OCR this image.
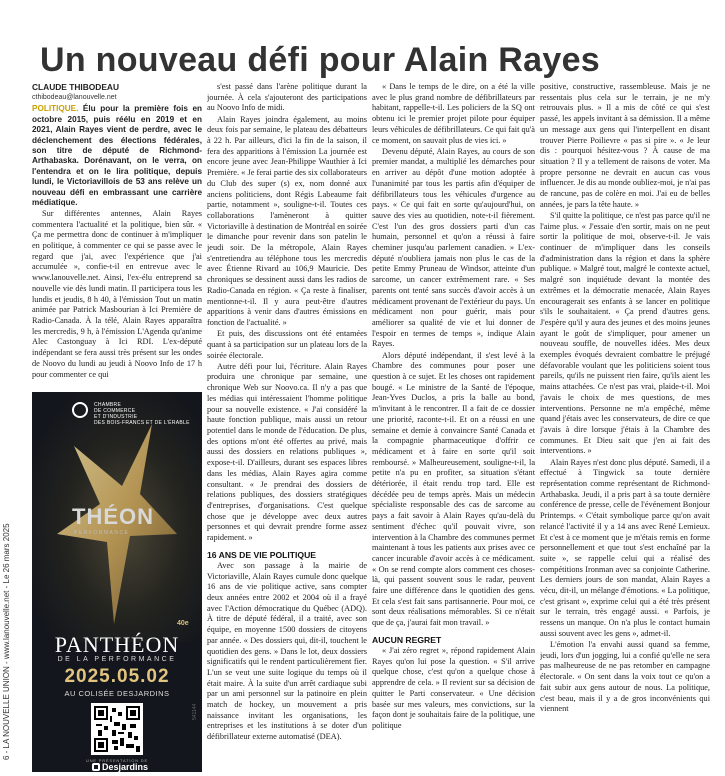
6 - LA NOUVELLE UNION - www.lanouvelle.net - Le 26 mars 2025
Un nouveau défi pour Alain Rayes

CLAUDE THIBODEAU

cthibodeau@lanouvelle.net

POLITIQUE. Élu pour la première fois en octobre 2015, puis réélu en 2019 et en 2021, Alain Rayes vient de perdre, avec le déclenchement des élections fédérales, son titre de député de Richmond-Arthabaska. Dorénavant, on le verra, on l'entendra et on le lira politique, depuis lundi, le Victoriavillois de 53 ans relève un nouveau défi en embrassant une carrière médiatique.

Sur différentes antennes, Alain Rayes commentera l'actualité et la politique, bien sûr. « Ça me permettra donc de continuer à m'impliquer en politique, à commenter ce qui se passe avec le regard que j'ai, avec l'expérience que j'ai accumulée », confie-t-il en entrevue avec le www.lanouvelle.net. Ainsi, l'ex-élu entreprend sa nouvelle vie dès lundi matin. Il participera tous les lundis et jeudis, 8 h 40, à l'émission Tout un matin animée par Patrick Masbourian à Ici Première de Radio-Canada. À la télé, Alain Rayes apparaîtra les mercredis, 9 h, à l'émission L'Agenda qu'anime Alec Castonguay à Ici RDI. L'ex-député indépendant se fera aussi très présent sur les ondes de Noovo du lundi au jeudi à Noovo Info de 17 h pour commenter ce qui

CHAMBRE
DE COMMERCE
ET D'INDUSTRIE
DES BOIS-FRANCS ET DE L'ÉRABLE
THÉON
PERFORMANCE
40e
PANTHÉON
DE LA PERFORMANCE
2025.05.02
AU COLISÉE DESJARDINS
UNE PRÉSENTATION DE
Desjardins
541144

s'est passé dans l'arène politique durant la journée. À cela s'ajouteront des participations au Noovo Info de midi.

Alain Rayes joindra également, au moins deux fois par semaine, le plateau des débatteurs à 22 h. Par ailleurs, d'ici la fin de la saison, il fera des apparitions à l'émission La journée est encore jeune avec Jean-Philippe Wauthier à Ici Première. « Je ferai partie des six collaborateurs du Club des super (s) ex, nom donné aux anciens politiciens, dont Régis Labeaume fait partie, notamment », souligne-t-il. Toutes ces collaborations l'amèneront à quitter Victoriaville à destination de Montréal en soirée le dimanche pour revenir dans son patelin le jeudi soir. De la métropole, Alain Rayes s'entretiendra au téléphone tous les mercredis avec Étienne Rivard au 106,9 Mauricie. Des chroniques se dessinent aussi dans les radios de Radio-Canada en région. « Ça reste à finaliser, mentionne-t-il. Il y aura peut-être d'autres apparitions à venir dans d'autres émissions en fonction de l'actualité. »

Et puis, des discussions ont été entamées quant à sa participation sur un plateau lors de la soirée électorale.

Autre défi pour lui, l'écriture. Alain Rayes produira une chronique par semaine, une chronique Web sur Noovo.ca. Il n'y a pas que les médias qui intéressaient l'homme politique pour sa nouvelle existence. « J'ai considéré la haute fonction publique, mais aussi un retour potentiel dans le monde de l'éducation. De plus, des options m'ont été offertes au privé, mais aussi des dossiers en relations publiques », expose-t-il. D'ailleurs, durant ses espaces libres dans les médias, Alain Rayes agira comme consultant. « Je prendrai des dossiers de relations publiques, des dossiers stratégiques d'entreprises, d'organisations. C'est quelque chose que je développe avec deux autres personnes et qui devrait prendre forme assez rapidement. »

16 ANS DE VIE POLITIQUE

Avec son passage à la mairie de Victoriaville, Alain Rayes cumule donc quelque 16 ans de vie politique active, sans compter deux années entre 2002 et 2004 où il a frayé avec l'Action démocratique du Québec (ADQ). À titre de député fédéral, il a traité, avec son équipe, en moyenne 1500 dossiers de citoyens par année. « Des dossiers qui, dit-il, touchent le quotidien des gens. » Dans le lot, deux dossiers significatifs qui le rendent particulièrement fier. L'un se veut une suite logique du temps où il était maire. À la suite d'un arrêt cardiaque subi par un ami personnel sur la patinoire en plein match de hockey, un mouvement a pris naissance invitant les organisations, les entreprises et les institutions à se doter d'un défibrillateur externe automatisé (DEA).

« Dans le temps de le dire, on a été la ville avec le plus grand nombre de défibrillateurs par habitant, rappelle-t-il. Les policiers de la SQ ont obtenu ici le premier projet pilote pour équiper leurs véhicules de défibrillateurs. Ce qui fait qu'à ce moment, on sauvait plus de vies ici. »

Devenu député, Alain Rayes, au cours de son premier mandat, a multiplié les démarches pour en arriver au dépôt d'une motion adoptée à l'unanimité par tous les partis afin d'équiper de défibrillateurs tous les véhicules d'urgence au pays. « Ce qui fait en sorte qu'aujourd'hui, on sauve des vies au quotidien, note-t-il fièrement. C'est l'un des gros dossiers parti d'un cas humain, personnel et qu'on a réussi à faire cheminer jusqu'au parlement canadien. » L'ex-député n'oubliera jamais non plus le cas de la petite Emmy Pruneau de Windsor, atteinte d'un sarcome, un cancer extrêmement rare. « Ses parents ont tenté sans succès d'avoir accès à un médicament provenant de l'extérieur du pays. Un médicament non pour guérir, mais pour améliorer sa qualité de vie et lui donner de l'espoir en termes de temps », indique Alain Rayes.

Alors député indépendant, il s'est levé à la Chambre des communes pour poser une question à ce sujet. Et les choses ont rapidement bougé. « Le ministre de la Santé de l'époque, Jean-Yves Duclos, a pris la balle au bond, m'invitant à le rencontrer. Il a fait de ce dossier une priorité, raconte-t-il. Et on a réussi en une semaine et demie à convaincre Santé Canada et la compagnie pharmaceutique d'offrir ce médicament et à faire en sorte qu'il soit remboursé. » Malheureusement, souligne-t-il, la petite n'a pu en profiter, sa situation s'étant détériorée, il était rendu trop tard. Elle est décédée peu de temps après. Mais un médecin spécialiste responsable des cas de sarcome au pays a fait savoir à Alain Rayes qu'au-delà du sentiment d'échec qu'il pouvait vivre, son intervention à la Chambre des communes permet maintenant à tous les patients aux prises avec ce cancer incurable d'avoir accès à ce médicament. « On se rend compte alors comment ces choses-là, qui passent souvent sous le radar, peuvent faire une différence dans le quotidien des gens. Et cela s'est fait sans partisannerie. Pour moi, ce sont deux réalisations mémorables. Si ce n'était que de ça, j'aurai fait mon travail. »

AUCUN REGRET

« J'ai zéro regret », répond rapidement Alain Rayes qu'on lui pose la question. « S'il arrive quelque chose, c'est qu'on a quelque chose à apprendre de cela. » Il revient sur sa décision de quitter le Parti conservateur. « Une décision basée sur mes valeurs, mes convictions, sur la façon dont je souhaitais faire de la politique, une politique

positive, constructive, rassembleuse. Mais je ne ressentais plus cela sur le terrain, je ne m'y retrouvais plus. » Il a mis de côté ce qui s'est passé, les appels invitant à sa démission. Il a même un message aux gens qui l'interpellent en disant trouver Pierre Poilievre « pas si pire ». « Je leur dis : pourquoi hésitez-vous ? À cause de ma situation ? Il y a tellement de raisons de voter. Ma propre personne ne devrait en aucun cas vous influencer. Je dis au monde oubliez-moi, je n'ai pas de rancune, pas de colère en moi. J'ai eu de belles années, je pars la tête haute. »

S'il quitte la politique, ce n'est pas parce qu'il ne l'aime plus. « J'essaie d'en sortir, mais on ne peut sortir la politique de moi, observe-t-il. Je vais continuer de m'impliquer dans les conseils d'administration dans la région et dans la sphère publique. » Malgré tout, malgré le contexte actuel, malgré son inquiétude devant la montée des extrêmes et la démocratie menacée, Alain Rayes encouragerait ses enfants à se lancer en politique s'ils le souhaitaient. « Ça prend d'autres gens. J'espère qu'il y aura des jeunes et des moins jeunes ayant le goût de s'impliquer, pour amener un nouveau souffle, de nouvelles idées. Mes deux exemples évoqués devraient combattre le préjugé défavorable voulant que les politiciens soient tous pareils, qu'ils ne puissent rien faire, qu'ils aient les mains attachées. Ce n'est pas vrai, plaide-t-il. Moi j'avais le choix de mes questions, de mes interventions. Personne ne m'a empêché, même quand j'étais avec les conservateurs, de dire ce que j'avais à dire lorsque j'étais à la Chambre des communes. Et Dieu sait que j'en ai fait des interventions. »

Alain Rayes n'est donc plus député. Samedi, il a effectué à Tingwick sa toute dernière représentation comme représentant de Richmond-Arthabaska. Jeudi, il a pris part à sa toute dernière conférence de presse, celle de l'événement Bonjour Printemps. « C'était symbolique parce qu'on avait relancé l'activité il y a 14 ans avec René Lemieux. Et c'est à ce moment que je m'étais remis en forme personnellement et que tout s'est enchaîné par la suite », se rappelle celui qui a réalisé des compétitions Ironman avec sa conjointe Catherine. Les derniers jours de son mandat, Alain Rayes a vécu, dit-il, un mélange d'émotions. « La politique, c'est grisant », exprime celui qui a été très présent sur le terrain, très engagé aussi. « Parfois, je ressens un manque. On n'a plus le contact humain aussi souvent avec les gens », admet-il.

L'émotion l'a envahi aussi quand sa femme, jeudi, lors d'un jogging, lui a confié qu'elle ne sera pas malheureuse de ne pas retomber en campagne électorale. « On sent dans la voix tout ce qu'on a fait subir aux gens autour de nous. La politique, c'est beau, mais il y a de gros inconvénients qui viennent
